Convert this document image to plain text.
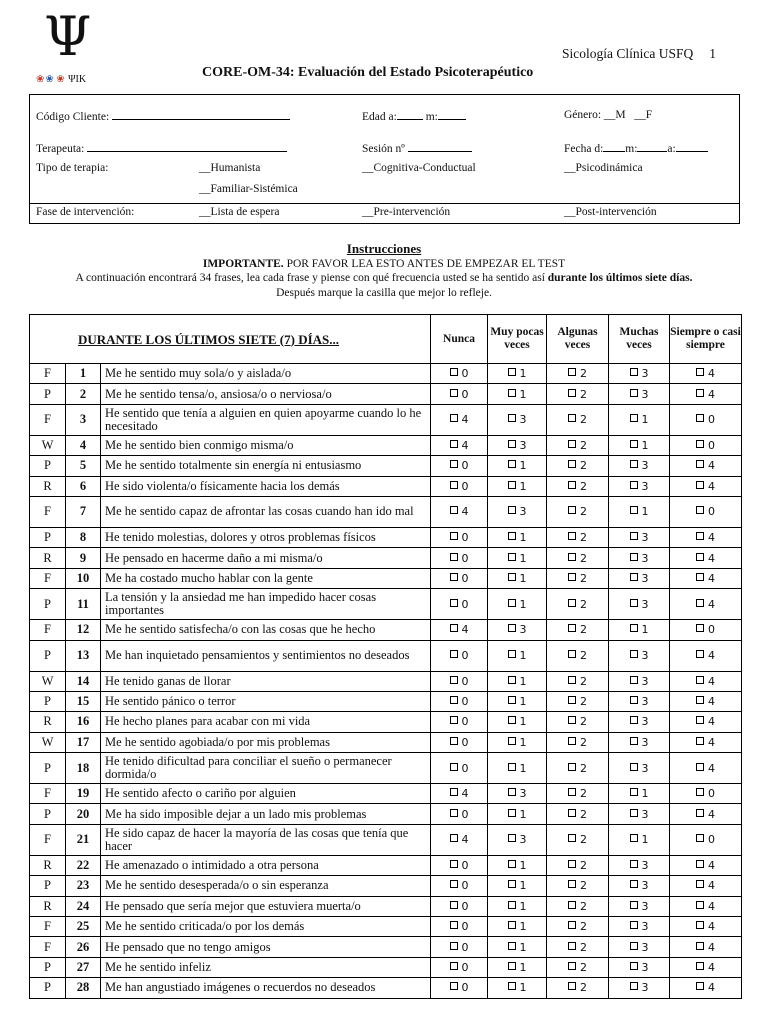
Ψ
❀❀ ❀ ΨIK
Sicología Clínica USFQ 1
CORE-OM-34: Evaluación del Estado Psicoterapéutico
Código Cliente:	Edad a:	m:	Género: __M __F
Terapeuta:	Sesión nº	Fecha d: m:	a:
Tipo de terapia:	__Humanista	__Cognitiva-Conductual	__Psicodinámica
__Familiar-Sistémica
Fase de intervención:	__Lista de espera	__Pre-intervención	__Post-intervención
Instrucciones
IMPORTANTE. POR FAVOR LEA ESTO ANTES DE EMPEZAR EL TEST
A continuación encontrará 34 frases, lea cada frase y piense con qué frecuencia usted se ha sentido así durante los últimos siete días.
Después marque la casilla que mejor lo refleje.
DURANTE LOS ÚLTIMOS SIETE (7) DÍAS...			Nunca	Muy pocas veces	Algunas veces	Muchas veces	Siempre o casi siempre
F	1	Me he sentido muy sola/o y aislada/o	0	1	2	3	4
P	2	Me he sentido tensa/o, ansiosa/o o nerviosa/o	0	1	2	3	4
F	3	He sentido que tenía a alguien en quien apoyarme cuando lo he necesitado	4	3	2	1	0
W	4	Me he sentido bien conmigo misma/o	4	3	2	1	0
P	5	Me he sentido totalmente sin energía ni entusiasmo	0	1	2	3	4
R	6	He sido violenta/o físicamente hacia los demás	0	1	2	3	4
F	7	Me he sentido capaz de afrontar las cosas cuando han ido mal	4	3	2	1	0
P	8	He tenido molestias, dolores y otros problemas físicos	0	1	2	3	4
R	9	He pensado en hacerme daño a mi misma/o	0	1	2	3	4
F	10	Me ha costado mucho hablar con la gente	0	1	2	3	4
P	11	La tensión y la ansiedad me han impedido hacer cosas importantes	0	1	2	3	4
F	12	Me he sentido satisfecha/o con las cosas que he hecho	4	3	2	1	0
P	13	Me han inquietado pensamientos y sentimientos no deseados	0	1	2	3	4
W	14	He tenido ganas de llorar	0	1	2	3	4
P	15	He sentido pánico o terror	0	1	2	3	4
R	16	He hecho planes para acabar con mi vida	0	1	2	3	4
W	17	Me he sentido agobiada/o por mis problemas	0	1	2	3	4
P	18	He tenido dificultad para conciliar el sueño o permanecer dormida/o	0	1	2	3	4
F	19	He sentido afecto o cariño por alguien	4	3	2	1	0
P	20	Me ha sido imposible dejar a un lado mis problemas	0	1	2	3	4
F	21	He sido capaz de hacer la mayoría de las cosas que tenía que hacer	4	3	2	1	0
R	22	He amenazado o intimidado a otra persona	0	1	2	3	4
P	23	Me he sentido desesperada/o o sin esperanza	0	1	2	3	4
R	24	He pensado que sería mejor que estuviera muerta/o	0	1	2	3	4
F	25	Me he sentido criticada/o por los demás	0	1	2	3	4
F	26	He pensado que no tengo amigos	0	1	2	3	4
P	27	Me he sentido infeliz	0	1	2	3	4
P	28	Me han angustiado imágenes o recuerdos no deseados	0	1	2	3	4
